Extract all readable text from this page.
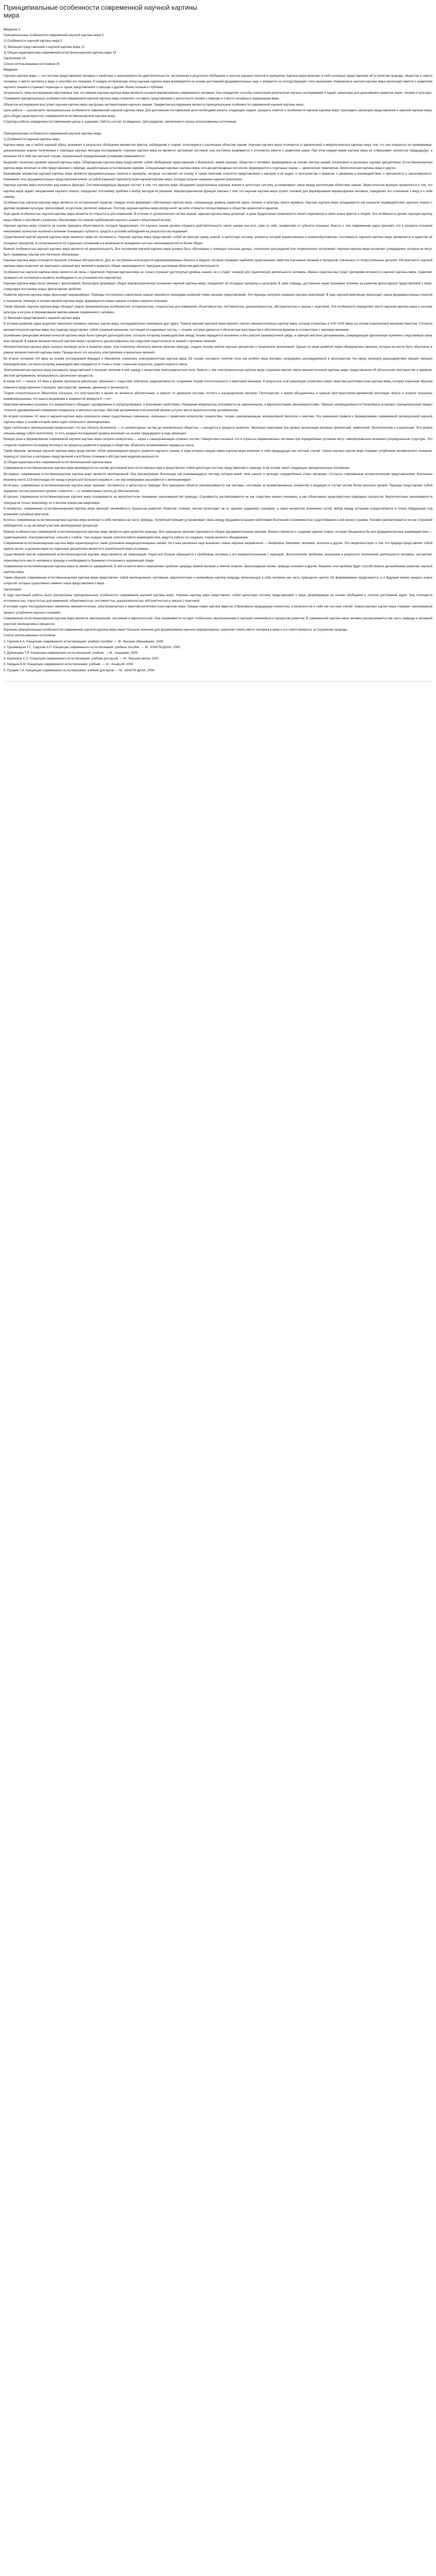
Принципиальные особенности современной научной картины мира

Введение 3

Принципиальные особенности современной научной картины мира 5

1) Особенности научной картины мира 5

2) Эволюция представлений о научной картине мира 12

3) Общая характеристика современной естественнонаучной картины мира 18

Заключение 24

Список использованных источников 26

Введение

Научная картина мира — это система представлений человека о свойствах и закономерностях действительности, построенная в результате обобщения и синтеза научных понятий и принципов. Картина мира включает в себя основные представления об устройстве природы, общества и самого человека, о месте человека в мире и способах его познания. В каждую историческую эпоху научная картина мира формируется на основе достижений фундаментальных наук и опирается на господствующий стиль мышления. Изменения в научной картине мира происходят вместе с развитием научного знания и отражают переходы от одних представлений о природе к другим, более полным и глубоким.

Актуальность темы исследования обусловлена тем, что именно научная картина мира является основой мировоззрения современного человека. Она определяет способы осмысления результатов научных исследований и задаёт ориентиры для дальнейшего развития науки, техники и культуры. Понимание принципиальных особенностей современной научной картины мира позволяет составить представление о целостности знания о природе и о месте человека в окружающем мире.

Объектом исследования выступает научная картина мира как форма систематизации научного знания. Предметом исследования являются принципиальные особенности современной научной картины мира.

Цель работы — рассмотреть принципиальные особенности современной научной картины мира. Для достижения поставленной цели необходимо решить следующие задачи: раскрыть понятие и особенности научной картины мира; проследить эволюцию представлений о научной картине мира; дать общую характеристику современной естественнонаучной картины мира.

Структура работы определена поставленными целью и задачами. Работа состоит из введения, трёх разделов, заключения и списка использованных источников.

Принципиальные особенности современной научной картины мира

1) Особенности научной картины мира

Картина мира, как и любой научный образ, возникает в результате обобщения множества фактов, наблюдений и теорий, относящихся к различным областям знания. Научная картина мира отличается от религиозной и мифологической картины мира тем, что она опирается на проверяемые, доказательные знания, полученные с помощью научных методов исследования. Научная картина мира не является застывшей системой, она постоянно развивается и уточняется вместе с развитием науки. При этом каждая новая картина мира не отбрасывает полностью предыдущую, а включает её в себя как частный случай, ограниченный определёнными условиями применимости.

Выделяют несколько уровней научной картины мира. Общенаучная картина мира представляет собой обобщённое представление о Вселенной, живой природе, обществе и человеке, формируемое на основе синтеза знаний, полученных в различных научных дисциплинах. Естественнонаучная картина мира включает в себя представления о природе, выработанные естественными науками. Специальные научные картины мира, или дисциплинарные онтологии, формируются в отдельных науках — физическая, химическая, биологическая картины мира и другие.

Важнейшим элементом научной картины мира являются фундаментальные понятия и принципы, которые составляют её основу. К таким понятиям относятся представления о материи и её видах, о пространстве и времени, о движении и взаимодействии, о причинности и закономерности. Изменение этих фундаментальных представлений влечёт за собой коренной пересмотр всей научной картины мира, который получил название научной революции.

Научная картина мира выполняет ряд важных функций. Систематизирующая функция состоит в том, что картина мира объединяет разрозненные научные знания в целостную систему, устанавливает связи между различными областями знания. Эвристическая функция проявляется в том, что картина мира задаёт направление научного поиска, определяет постановку проблем и выбор методов их решения. Мировоззренческая функция связана с тем, что научная картина мира служит основой для формирования мировоззрения человека, определяет его отношение к миру и к себе самому.

Особенностью научной картины мира является её исторический характер. Каждая эпоха формирует собственную картину мира, отражающую уровень развития науки, техники и культуры своего времени. Научная картина мира складывается как результат взаимодействия научного знания с другими формами культуры: философией, искусством, религией, моралью. Поэтому научная картина мира всегда несёт на себе отпечаток господствующих в обществе ценностей и идеалов.

Ещё одной особенностью научной картины мира является её открытость для изменений. В отличие от догматических систем знания, научная картина мира допускает и даже предполагает возможность своего пересмотра в свете новых фактов и теорий. Эта особенность делает научную картину мира гибкой и способной к развитию, обеспечивая постоянное приближение научного знания к объективной истине.

Научная картина мира строится на основе принципа объективности, который предполагает, что научное знание должно отражать действительность такой, какова она есть сама по себе, независимо от субъекта познания. Вместе с тем современная наука признаёт, что в процессе познания невозможно полностью исключить влияние познающего субъекта, средств и условий наблюдения на результаты исследования.

Существенной чертой научной картины мира является также её системность. Научная картина мира представляет собой не простую сумму знаний, а целостную систему, элементы которой взаимосвязаны и взаимообусловлены. Системность научной картины мира проявляется в единстве её исходных принципов, в согласованности её отдельных положений и в возможности выведения частных закономерностей из более общих.

Важной особенностью научной картины мира является её доказательность. Все положения научной картины мира должны быть обоснованы с помощью опытных данных, логических рассуждений или теоретических построений. Научная картина мира исключает утверждения, которые не могут быть проверены опытом или логически обоснованы.

Научная картина мира отличается высокой степенью абстрактности. Для её построения используются идеализированные объекты и модели, которые отражают наиболее существенные свойства изучаемых явлений и процессов, отвлекаясь от второстепенных деталей. Абстрактность научной картины мира позволяет ей охватывать широкий круг явлений и выявлять общие закономерности, присущие различным областям действительности.

Особенностью научной картины мира является её связь с практикой. Научная картина мира не только отражает достигнутый уровень знания, но и служит основой для практической деятельности человека. Именно практика выступает критерием истинности научной картины мира, позволяет проверить её положения и выявить необходимость их уточнения или пересмотра.

Научная картина мира тесно связана с философией. Философия формирует общие мировоззренческие основания научной картины мира, определяет её исходные принципы и категории. В свою очередь, достижения науки оказывают влияние на развитие философских представлений о мире, стимулируя постановку новых философских проблем.

Развитие научной картины мира происходит неравномерно. Периоды постепенного накопления знаний сменяются периодами коренной ломки прежних представлений. Эти периоды получили название научных революций. В ходе научной революции происходит смена фундаментальных понятий и принципов, лежащих в основе научной картины мира, формируются новые идеалы и нормы научного познания.

Таким образом, научная картина мира обладает рядом принципиальных особенностей: историчностью, открытостью для изменений, объективностью, системностью, доказательностью, абстрактностью и связью с практикой. Эти особенности определяют место научной картины мира в системе культуры и её роль в формировании мировоззрения современного человека.

2) Эволюция представлений о научной картине мира

В истории развития науки выделяют несколько основных научных картин мира, последовательно сменявших друг друга. Первой научной картиной мира принято считать механистическую картину мира, которая сложилась в XVII–XVIII веках на основе классической механики Ньютона. Согласно механистической картине мира, вся природа представляет собой огромный механизм, состоящий из неделимых частиц — атомов, которые движутся в абсолютном пространстве и абсолютном времени в соответствии с законами механики.

Основными принципами механистической картины мира были принцип дальнодействия, согласно которому взаимодействие между телами передаётся мгновенно и без участия промежуточной среды, и принцип жёсткого детерминизма, утверждающий однозначную причинно-следственную связь всех явлений. В рамках механистической картины мира случайность рассматривалась как следствие недостаточности знаний о причинах явлений.

Механистическая картина мира сыграла огромную роль в развитии науки. Она позволила объяснить многие явления природы, создать основы многих научных дисциплин и технических приложений. Однако по мере развития науки обнаружились явления, которые не могли быть объяснены в рамках механистической картины мира. Прежде всего это касалось электрических и магнитных явлений.

Во второй половине XIX века на основе исследований Фарадея и Максвелла сложилась электромагнитная картина мира. Её основу составило понятие поля как особого вида материи, непрерывно распределённой в пространстве. На смену принципу дальнодействия пришёл принцип близкодействия, согласно которому взаимодействие передаётся от точки к точке с конечной скоростью, равной скорости света.

Электромагнитная картина мира расширила представления о материи, включив в неё наряду с веществом электромагнитное поле. Вместе с тем электромагнитная картина мира сохраняла многие черты механистической картины мира: представления об абсолютном пространстве и времени, жёсткий детерминизм, непрерывность физических процессов.

В конце XIX — начале XX века в физике произошла революция, связанная с открытием электрона, радиоактивности, созданием теории относительности и квантовой механики. В результате этой революции сложилась новая, квантово-релятивистская картина мира, которая коренным образом изменила представления о материи, пространстве, времени, движении и причинности.

Теория относительности Эйнштейна показала, что пространство и время не являются абсолютными, а зависят от движения системы отсчёта и распределения материи. Пространство и время объединились в единый пространственно-временной континуум. Масса и энергия оказались взаимосвязанными, что нашло выражение в знаменитой формуле E = mc².

Квантовая механика показала, что микрообъекты обладают одновременно и корпускулярными, и волновыми свойствами. Поведение микрочастиц описывается не однозначными, а вероятностными закономерностями. Принцип неопределённости Гейзенберга установил принципиальный предел точности одновременного измерения координаты и импульса частицы. Жёсткий детерминизм классической физики уступил место вероятностному детерминизму.

Во второй половине XX века в научной картине мира произошли новые существенные изменения, связанные с развитием космологии, синергетики, теории самоорганизации, молекулярной биологии и генетики. Эти изменения привели к формированию современной эволюционной научной картины мира, в основе которой лежит идея глобального эволюционизма.

Идея глобального эволюционизма предполагает, что все объекты Вселенной — от элементарных частиц до человеческого общества — находятся в процессе развития. Эволюция охватывает все уровни организации материи: физический, химический, биологический и социальный. Эти уровни связаны между собой генетически, то есть каждый последующий уровень возникает на основе предыдущего в ходе эволюции.

Важную роль в формировании современной научной картины мира сыграла синергетика — наука о самоорганизации сложных систем. Синергетика показала, что в открытых неравновесных системах при определённых условиях могут самопроизвольно возникать упорядоченные структуры. Это открытие позволило по-новому взглянуть на процессы развития в природе и обществе, объяснить возникновение порядка из хаоса.

Таким образом, эволюция научной картины мира представляет собой закономерный процесс развития научного знания, в ходе которого каждая новая картина мира включает в себя предыдущую как частный случай. Смена научных картин мира отражает углубление человеческого познания, переход от простых и наглядных представлений к всё более сложным и абстрактным моделям реальности.

3) Общая характеристика современной естественнонаучной картины мира

Современная естественнонаучная картина мира формируется на основе достижений всех естественных наук и представляет собой целостную систему представлений о природе. В её основе лежат следующие принципиальные положения.

Во-первых, современная естественнонаучная картина мира является эволюционной. Она рассматривает Вселенную как развивающуюся систему, которая имеет своё начало и проходит определённые этапы эволюции. Согласно современным космологическим представлениям, Вселенная возникла около 13,8 миллиарда лет назад в результате Большого взрыва и с тех пор непрерывно расширяется и эволюционирует.

Во-вторых, современная естественнонаучная картина мира признаёт системность и целостность природы. Все природные объекты рассматриваются как системы, состоящие из взаимосвязанных элементов и входящие в состав систем более высокого уровня. Природа представляет собой иерархию систем различного уровня сложности — от элементарных частиц до Метагалактики.

В-третьих, современная естественнонаучная картина мира основывается на вероятностном понимании закономерностей природы. Случайность рассматривается не как следствие нашего незнания, а как объективная характеристика природных процессов. Вероятностные закономерности присущи не только микромиру, но и многим процессам макромира.

В-четвёртых, современная естественнонаучная картина мира признаёт нелинейность процессов развития. Развитие сложных систем происходит не по заранее заданному сценарию, а через множество возможных путей, выбор между которыми осуществляется в точках бифуркации под влиянием случайных факторов.

В-пятых, современная естественнонаучная картина мира включает в себя человека как часть природы. Антропный принцип устанавливает связь между фундаментальными свойствами Вселенной и возможностью существования в ней жизни и разума. Человек рассматривается не как сторонний наблюдатель, а как активный участник эволюционных процессов.

Важной особенностью современной естественнонаучной картины мира является идея единства природы. Все природные явления подчиняются общим фундаментальным законам. Физика стремится к созданию единой теории, которая объединила бы все фундаментальные взаимодействия — гравитационное, электромагнитное, сильное и слабое. Уже создана теория электрослабого взаимодействия, ведутся работы по созданию теории великого объединения.

Современная естественнонаучная картина мира характеризуется также усилением междисциплинарных связей. На стыке различных наук возникают новые научные направления — биофизика, биохимия, геохимия, экология и другие. Это свидетельствует о том, что природа представляет собой единое целое, а деление науки на отдельные дисциплины является в значительной мере условным.

Существенной чертой современной естественнонаучной картины мира является её гуманизация. Наука всё больше обращается к проблемам человека и его взаимоотношениям с природой. Экологические проблемы, возникшие в результате техногенной деятельности человека, заставляют переосмыслить место человека в природе и необходимость бережного отношения к окружающей среде.

Современная естественнонаучная картина мира не является завершённой. В ней остаётся много нерешённых проблем: природа тёмной материи и тёмной энергии, происхождение жизни, природа сознания и другие. Решение этих проблем будет способствовать дальнейшему развитию научной картины мира.

Таким образом, современная естественнонаучная картина мира представляет собой эволюционную, системную, вероятностную и нелинейную картину природы, включающую в себя человека как часть природного целого. Её формирование продолжается, и в будущем можно ожидать новых открытий, которые существенно изменят наши представления о мире.

Заключение

В ходе настоящей работы были рассмотрены принципиальные особенности современной научной картины мира. Научная картина мира представляет собой целостную систему представлений о мире, формируемую на основе обобщения и синтеза достижений науки. Она отличается историчностью, открытостью для изменений, объективностью, системностью, доказательностью, абстрактностью и связью с практикой.

В истории науки последовательно сменялись механистическая, электромагнитная и квантово-релятивистская картины мира. Каждая новая картина мира не отбрасывала предыдущую полностью, а включала её в себя как частный случай. Смена научных картин мира отражает закономерный процесс углубления научного познания.

Современная естественнонаучная картина мира является эволюционной, системной и вероятностной. Она основывается на идее глобального эволюционизма и признаёт нелинейность процессов развития. В современной картине мира человек рассматривается как часть природы и активный участник эволюционных процессов.

Изучение принципиальных особенностей современной научной картины мира имеет большое значение для формирования научного мировоззрения, позволяет понять место человека в мире и его ответственность за сохранение природы.

Список использованных источников

1. Горелов А.А. Концепции современного естествознания: учебное пособие. — М.: Высшее образование, 2008.

2. Грушевицкая Т.Г., Садохин А.П. Концепции современного естествознания: учебное пособие. — М.: ЮНИТИ-ДАНА, 2005.

3. Дубнищева Т.Я. Концепции современного естествознания: учебник. — М.: Академия, 2006.

4. Карпенков С.Х. Концепции современного естествознания: учебник для вузов. — М.: Высшая школа, 2007.

5. Найдыш В.М. Концепции современного естествознания: учебник. — М.: Альфа-М, 2004.

6. Рузавин Г.И. Концепции современного естествознания: учебник для вузов. — М.: ЮНИТИ-ДАНА, 2006.
